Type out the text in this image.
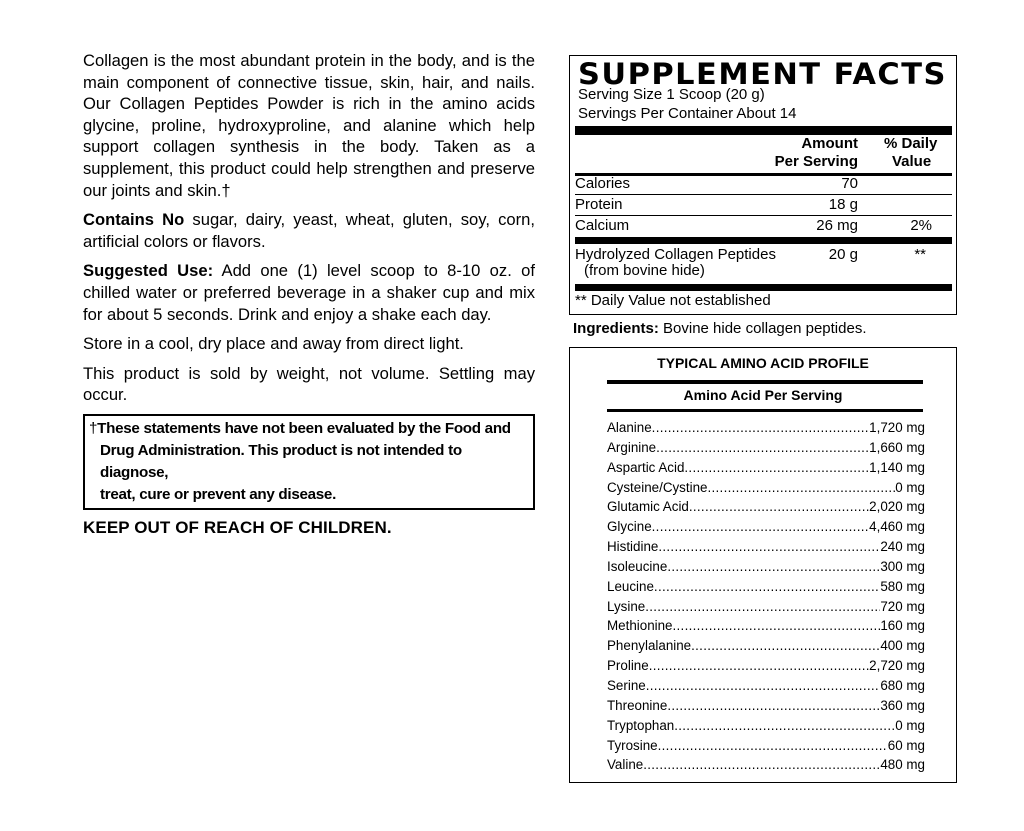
Collagen is the most abundant protein in the body, and is the main component of connective tissue, skin, hair, and nails. Our Collagen Peptides Powder is rich in the amino acids glycine, proline, hydroxyproline, and alanine which help support collagen synthesis in the body. Taken as a supplement, this product could help strengthen and preserve our joints and skin.†

Contains No sugar, dairy, yeast, wheat, gluten, soy, corn, artificial colors or flavors.

Suggested Use: Add one (1) level scoop to 8-10 oz. of chilled water or preferred beverage in a shaker cup and mix for about 5 seconds. Drink and enjoy a shake each day.

Store in a cool, dry place and away from direct light.

This product is sold by weight, not volume. Settling may occur.

†These statements have not been evaluated by the Food and
Drug Administration. This product is not intended to diagnose,
treat, cure or prevent any disease.
KEEP OUT OF REACH OF CHILDREN.
SUPPLEMENT FACTS
Serving Size 1 Scoop (20 g)
Servings Per Container About 14
Amount
Per Serving
% Daily
Value
Calories	70
Protein	18 g
Calcium	26 mg	2%
Hydrolyzed Collagen Peptides
(from bovine hide)
20 g	**
** Daily Value not established
Ingredients: Bovine hide collagen peptides.
TYPICAL AMINO ACID PROFILE
Amino Acid Per Serving
Alanine .....	1,720 mg
Arginine .....	1,660 mg
Aspartic Acid .....	1,140 mg
Cysteine/Cystine .....	0 mg
Glutamic Acid .....	2,020 mg
Glycine .....	4,460 mg
Histidine .....	240 mg
Isoleucine .....	300 mg
Leucine .....	580 mg
Lysine .....	720 mg
Methionine .....	160 mg
Phenylalanine .....	400 mg
Proline .....	2,720 mg
Serine .....	680 mg
Threonine .....	360 mg
Tryptophan .....	0 mg
Tyrosine .....	60 mg
Valine .....	480 mg
